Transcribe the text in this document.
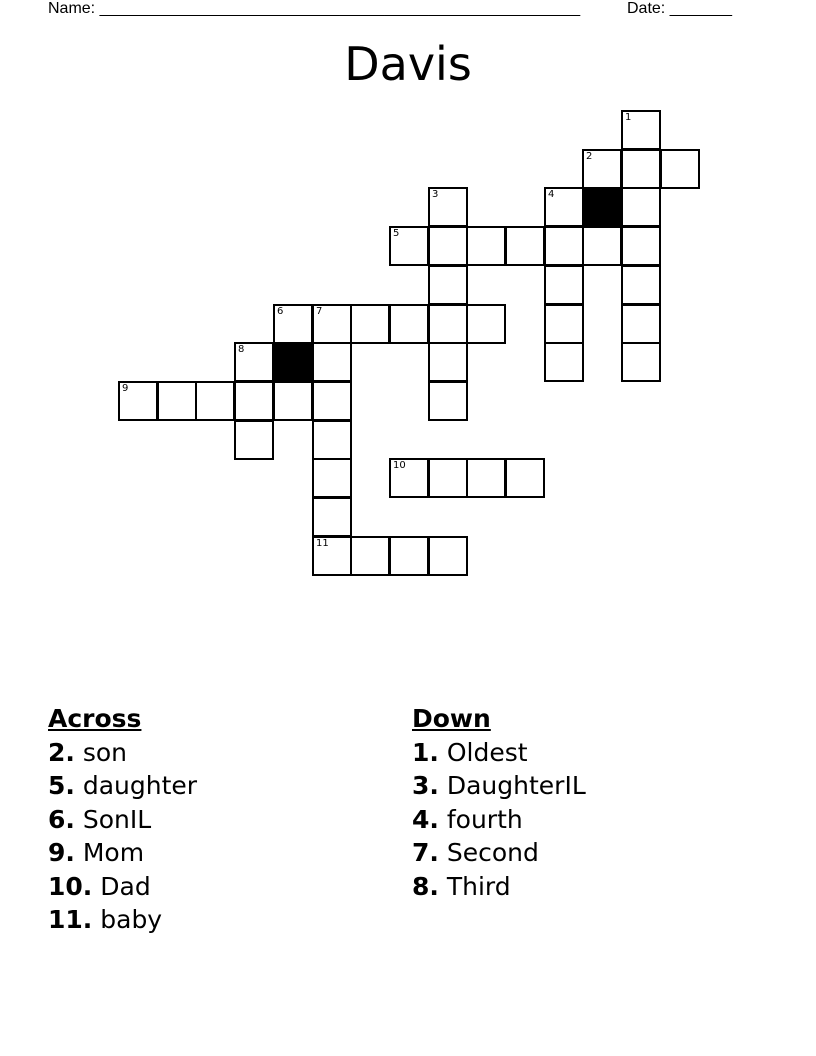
Name: ______________________________________________________	Date: _______
Davis
1
2
3	4
5
6	7
8
9
10
11
Across
2. son
5. daughter
6. SonIL
9. Mom
10. Dad
11. baby
Down
1. Oldest
3. DaughterIL
4. fourth
7. Second
8. Third
